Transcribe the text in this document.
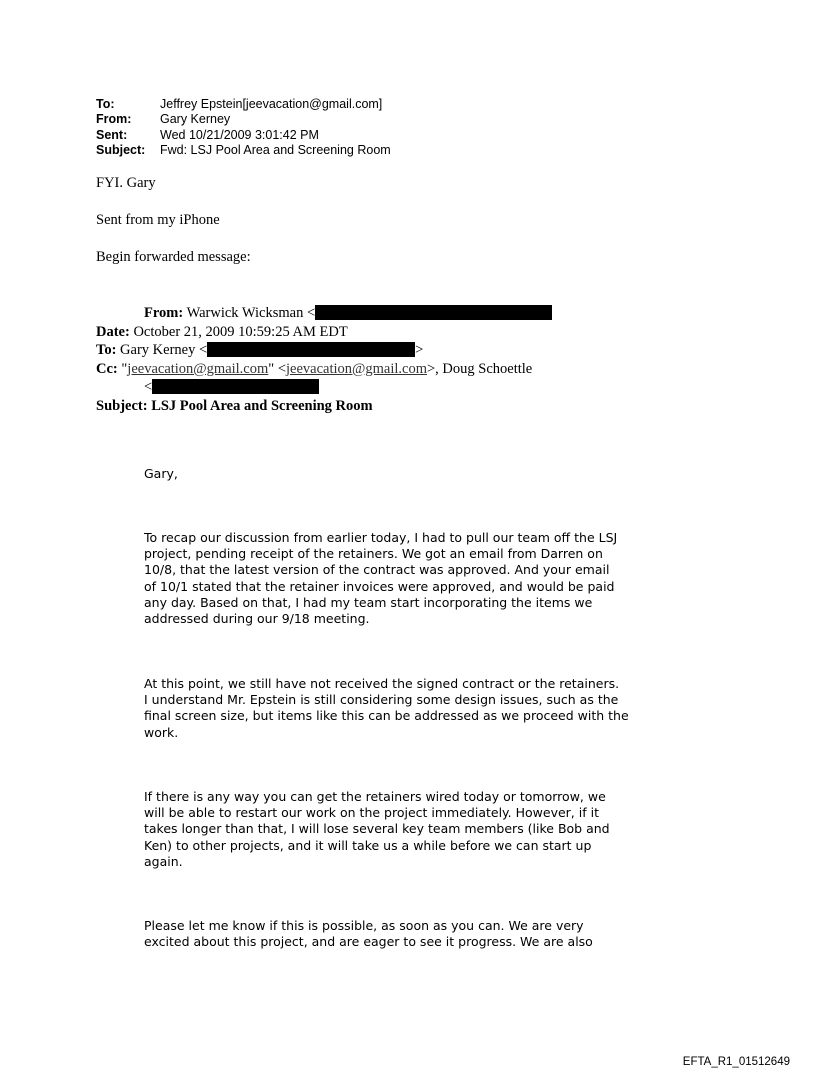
To:	Jeffrey Epstein[jeevacation@gmail.com]
From:	Gary Kerney
Sent:	Wed 10/21/2009 3:01:42 PM
Subject:	Fwd: LSJ Pool Area and Screening Room
FYI. Gary
Sent from my iPhone
Begin forwarded message:
From: Warwick Wicksman <
Date: October 21, 2009 10:59:25 AM EDT
To: Gary Kerney <	>
Cc: "jeevacation@gmail.com" <jeevacation@gmail.com>, Doug Schoettle
<
Subject: LSJ Pool Area and Screening Room
Gary,
To recap our discussion from earlier today, I had to pull our team off the LSJ
project, pending receipt of the retainers. We got an email from Darren on
10/8, that the latest version of the contract was approved. And your email
of 10/1 stated that the retainer invoices were approved, and would be paid
any day. Based on that, I had my team start incorporating the items we
addressed during our 9/18 meeting.
At this point, we still have not received the signed contract or the retainers.
I understand Mr. Epstein is still considering some design issues, such as the
final screen size, but items like this can be addressed as we proceed with the
work.
If there is any way you can get the retainers wired today or tomorrow, we
will be able to restart our work on the project immediately. However, if it
takes longer than that, I will lose several key team members (like Bob and
Ken) to other projects, and it will take us a while before we can start up
again.
Please let me know if this is possible, as soon as you can. We are very
excited about this project, and are eager to see it progress. We are also
EFTA_R1_01512649
